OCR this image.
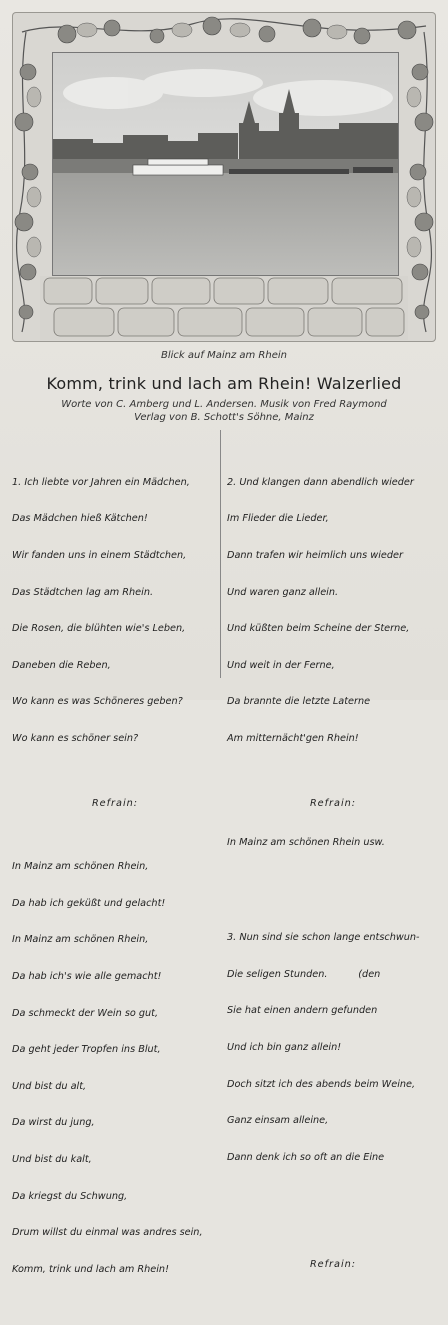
Blick auf Mainz am Rhein
Komm, trink und lach am Rhein! Walzerlied
Worte von C. Amberg und L. Andersen. Musik von Fred Raymond
Verlag von B. Schott's Söhne, Mainz

1. Ich liebte vor Jahren ein Mädchen,

Das Mädchen hieß Kätchen!

Wir fanden uns in einem Städtchen,

Das Städtchen lag am Rhein.

Die Rosen, die blühten wie's Leben,

Daneben die Reben,

Wo kann es was Schöneres geben?

Wo kann es schöner sein?

Refrain:

In Mainz am schönen Rhein,

Da hab ich geküßt und gelacht!

In Mainz am schönen Rhein,

Da hab ich's wie alle gemacht!

Da schmeckt der Wein so gut,

Da geht jeder Tropfen ins Blut,

Und bist du alt,

Da wirst du jung,

Und bist du kalt,

Da kriegst du Schwung,

Drum willst du einmal was andres sein,

Komm, trink und lach am Rhein!

2. Und klangen dann abendlich wieder

Im Flieder die Lieder,

Dann trafen wir heimlich uns wieder

Und waren ganz allein.

Und küßten beim Scheine der Sterne,

Und weit in der Ferne,

Da brannte die letzte Laterne

Am mitternächt'gen Rhein!

Refrain:

In Mainz am schönen Rhein usw.

3. Nun sind sie schon lange entschwun-

Die seligen Stunden.          (den

Sie hat einen andern gefunden

Und ich bin ganz allein!

Doch sitzt ich des abends beim Weine,

Ganz einsam alleine,

Dann denk ich so oft an die Eine

Refrain:
